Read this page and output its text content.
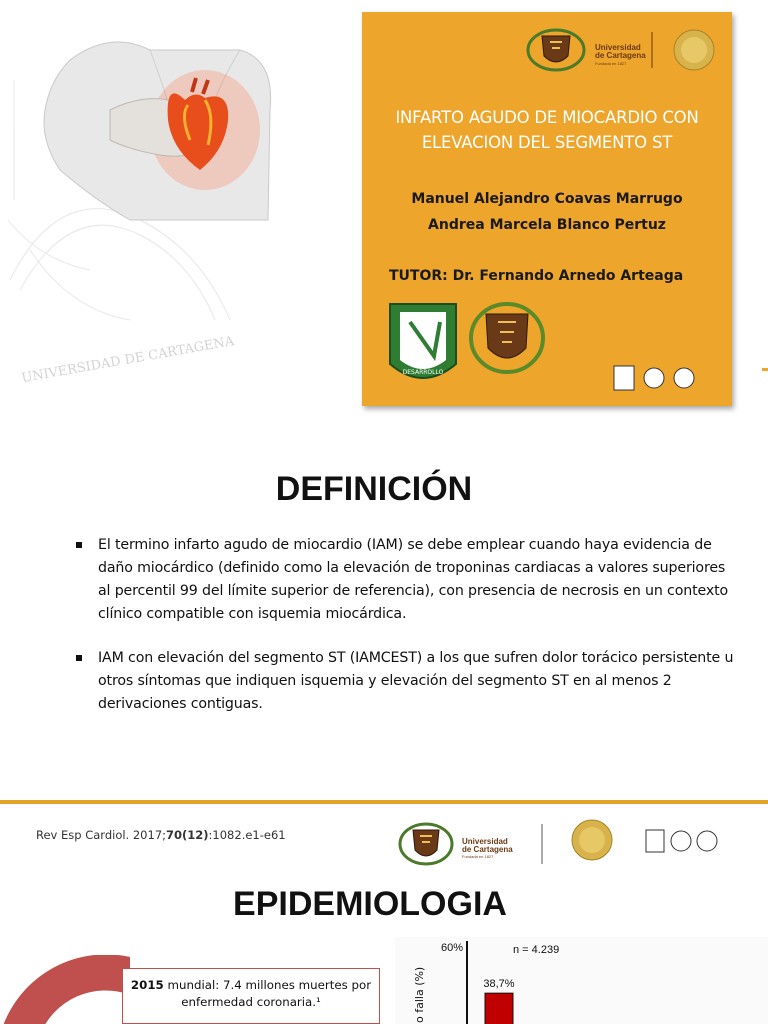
UNIVERSIDAD DE CARTAGENA
Universidad
de Cartagena
Fundada en 1827
INFARTO AGUDO DE MIOCARDIO CON
ELEVACION DEL SEGMENTO ST
Manuel Alejandro Coavas Marrugo
Andrea Marcela Blanco Pertuz
TUTOR: Dr. Fernando Arnedo Arteaga
DESARROLLO
DEFINICIÓN
El termino infarto agudo de miocardio (IAM) se debe emplear cuando haya evidencia de daño miocárdico (definido como la elevación de troponinas cardiacas a valores superiores al percentil 99 del límite superior de referencia), con presencia de necrosis en un contexto clínico compatible con isquemia miocárdica.
IAM con elevación del segmento ST (IAMCEST) a los que sufren dolor torácico persistente u otros síntomas que indiquen isquemia y elevación del segmento ST en al menos 2 derivaciones contiguas.
Rev Esp Cardiol. 2017;70(12):1082.e1-e61	Universidad
de Cartagena
Fundada en 1827
EPIDEMIOLOGIA
2015 mundial: 7.4 millones muertes por enfermedad coronaria.¹	o falla (%)
60%	n = 4.239
38,7%
